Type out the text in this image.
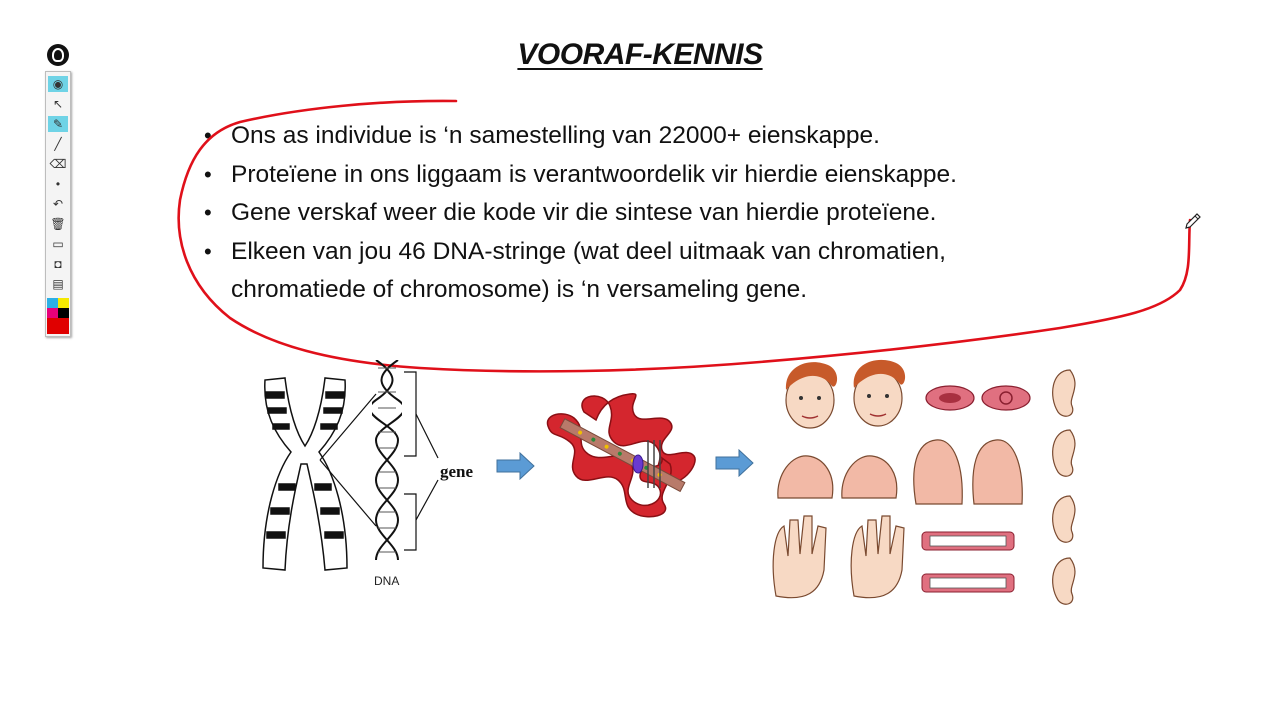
VOORAF-KENNIS
• Ons as individue is ‘n samestelling van 22000+ eienskappe.
• Proteïene in ons liggaam is verantwoordelik vir hierdie eienskappe.
• Gene verskaf weer die kode vir die sintese van hierdie proteïene.
• Elkeen van jou 46 DNA-stringe (wat deel uitmaak van chromatien,
chromatiede of chromosome) is ‘n versameling gene.
DNA
gene
◉
↖
✎
╱
⌫
•
↶
🗑
▭
◘
▤
